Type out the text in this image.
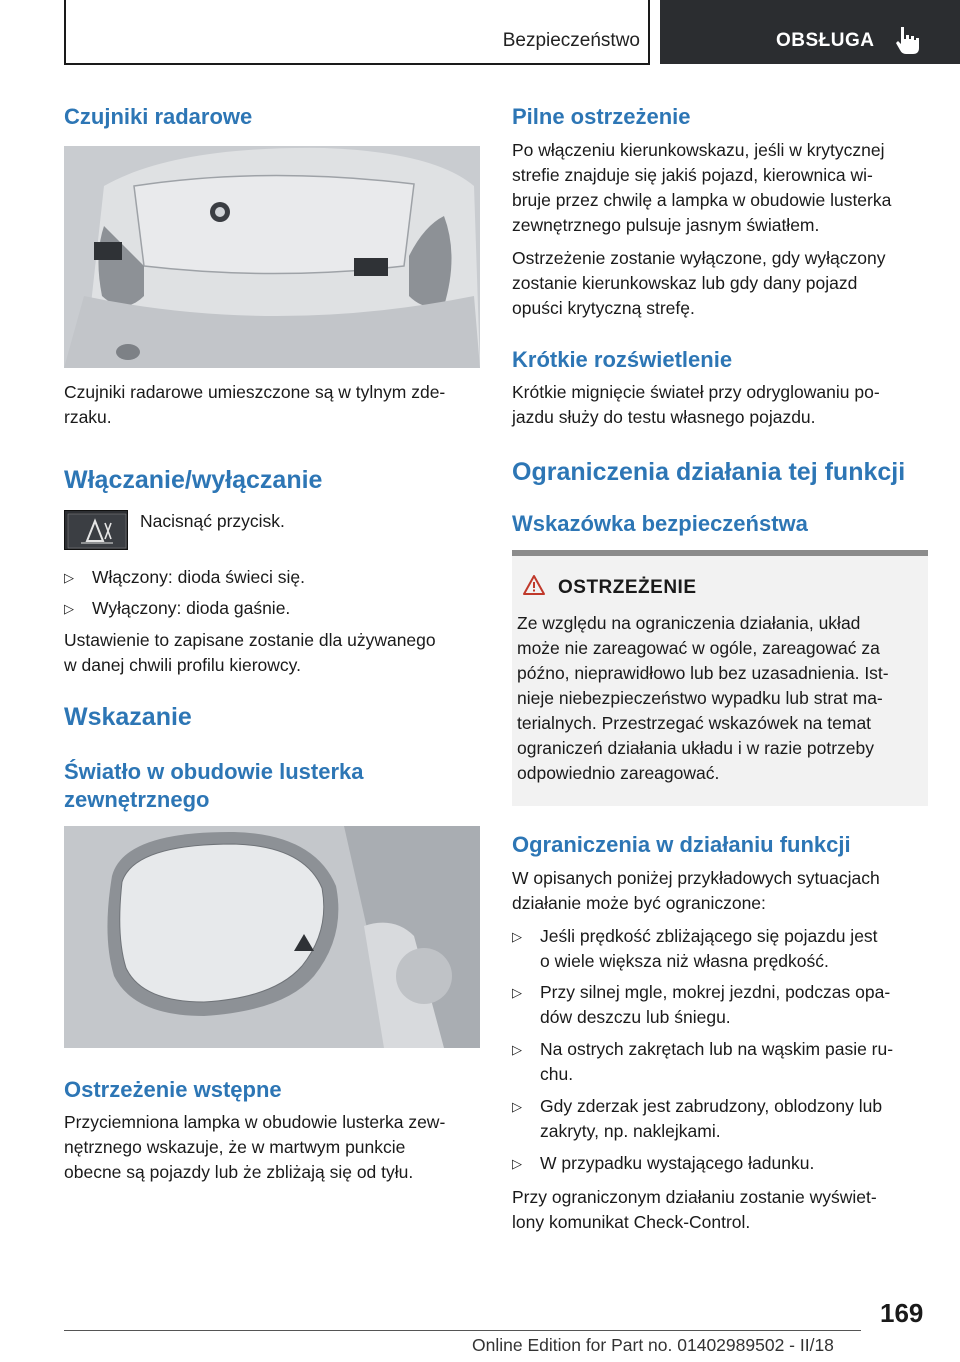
Bezpieczeństwo	OBSŁUGA
Czujniki radarowe
Czujniki radarowe umieszczone są w tylnym zde-
rzaku.
Włączanie/wyłączanie
Nacisnąć przycisk.
▷ Włączony: dioda świeci się.
▷ Wyłączony: dioda gaśnie.
Ustawienie to zapisane zostanie dla używanego
w danej chwili profilu kierowcy.
Wskazanie
Światło w obudowie lusterka
zewnętrznego
Ostrzeżenie wstępne
Przyciemniona lampka w obudowie lusterka zew-
nętrznego wskazuje, że w martwym punkcie
obecne są pojazdy lub że zbliżają się od tyłu.
Pilne ostrzeżenie
Po włączeniu kierunkowskazu, jeśli w krytycznej
strefie znajduje się jakiś pojazd, kierownica wi-
bruje przez chwilę a lampka w obudowie lusterka
zewnętrznego pulsuje jasnym światłem.
Ostrzeżenie zostanie wyłączone, gdy wyłączony
zostanie kierunkowskaz lub gdy dany pojazd
opuści krytyczną strefę.
Krótkie rozświetlenie
Krótkie mignięcie świateł przy odryglowaniu po-
jazdu służy do testu własnego pojazdu.
Ograniczenia działania tej funkcji
Wskazówka bezpieczeństwa
OSTRZEŻENIE
Ze względu na ograniczenia działania, układ
może nie zareagować w ogóle, zareagować za
późno, nieprawidłowo lub bez uzasadnienia. Ist-
nieje niebezpieczeństwo wypadku lub strat ma-
terialnych. Przestrzegać wskazówek na temat
ograniczeń działania układu i w razie potrzeby
odpowiednio zareagować.
Ograniczenia w działaniu funkcji
W opisanych poniżej przykładowych sytuacjach
działanie może być ograniczone:
▷ Jeśli prędkość zbliżającego się pojazdu jest
o wiele większa niż własna prędkość.
▷ Przy silnej mgle, mokrej jezdni, podczas opa-
dów deszczu lub śniegu.
▷ Na ostrych zakrętach lub na wąskim pasie ru-
chu.
▷ Gdy zderzak jest zabrudzony, oblodzony lub
zakryty, np. naklejkami.
▷ W przypadku wystającego ładunku.
Przy ograniczonym działaniu zostanie wyświet-
lony komunikat Check-Control.
169
Online Edition for Part no. 01402989502 - II/18
